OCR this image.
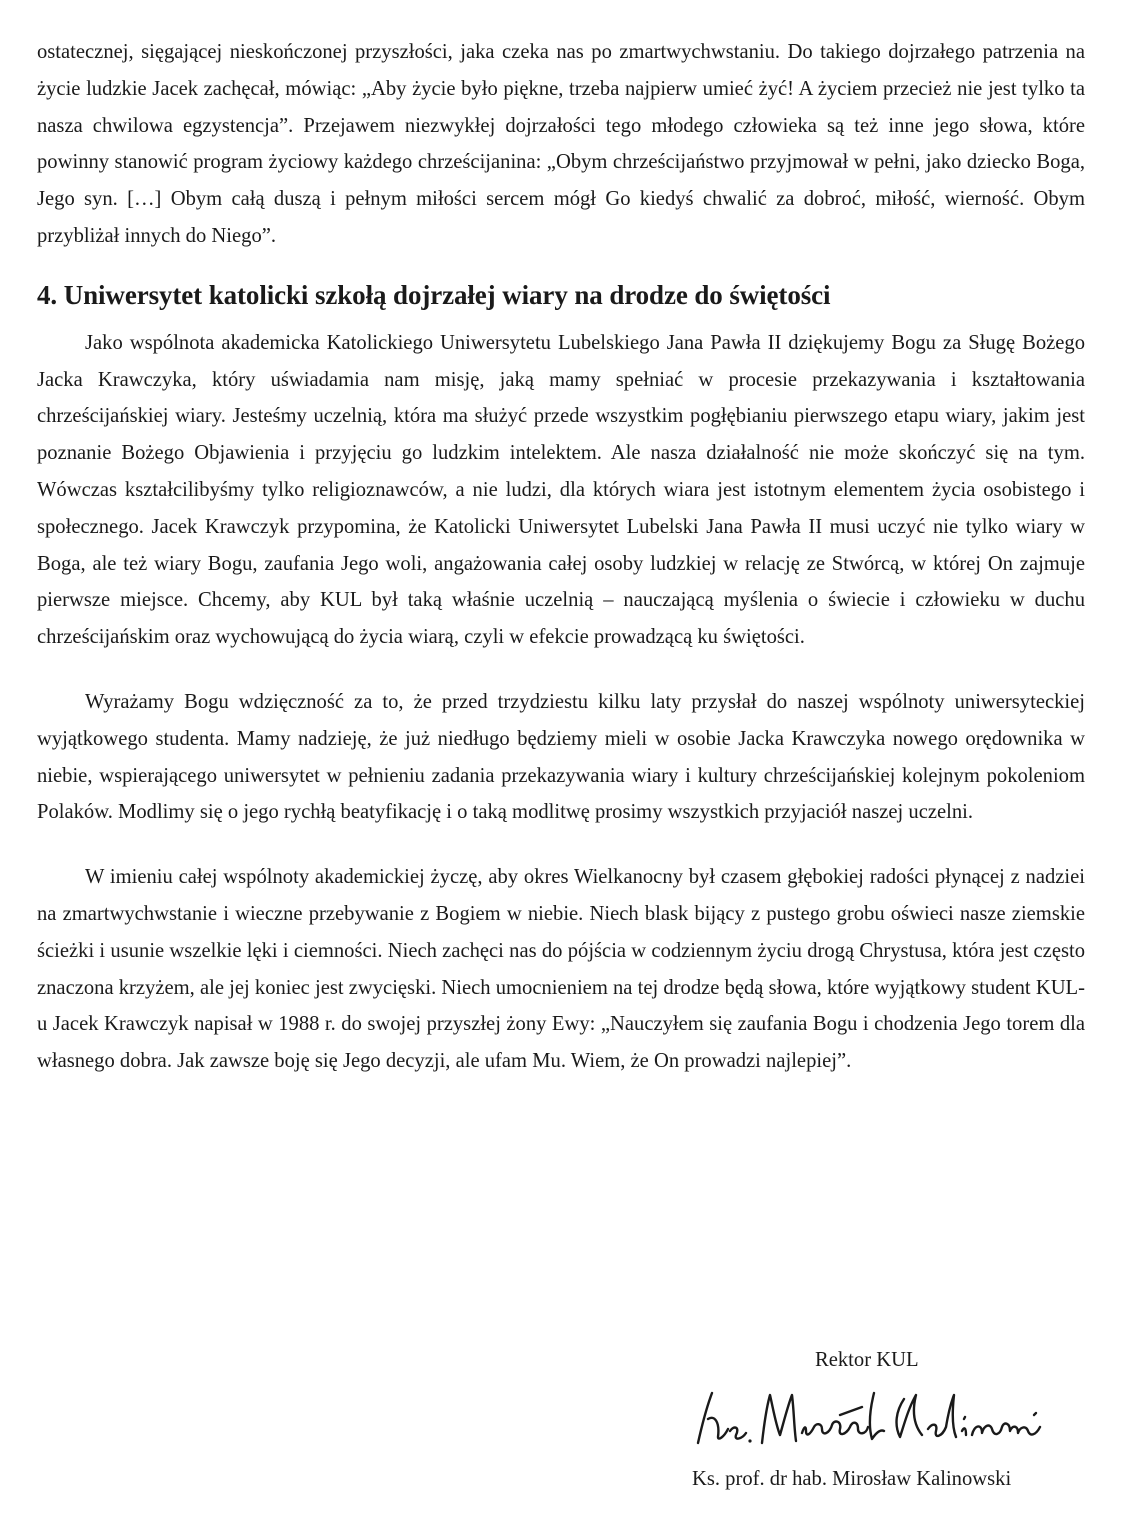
ostatecznej, sięgającej nieskończonej przyszłości, jaka czeka nas po zmartwychwstaniu. Do takiego dojrzałego patrzenia na życie ludzkie Jacek zachęcał, mówiąc: „Aby życie było piękne, trzeba najpierw umieć żyć! A życiem przecież nie jest tylko ta nasza chwilowa egzystencja”. Przejawem niezwykłej dojrzałości tego młodego człowieka są też inne jego słowa, które powinny stanowić program życiowy każdego chrześcijanina: „Obym chrześcijaństwo przyjmował w pełni, jako dziecko Boga, Jego syn. […] Obym całą duszą i pełnym miłości sercem mógł Go kiedyś chwalić za dobroć, miłość, wierność. Obym przybliżał innych do Niego”.

4. Uniwersytet katolicki szkołą dojrzałej wiary na drodze do świętości

Jako wspólnota akademicka Katolickiego Uniwersytetu Lubelskiego Jana Pawła II dziękujemy Bogu za Sługę Bożego Jacka Krawczyka, który uświadamia nam misję, jaką mamy spełniać w procesie przekazywania i kształtowania chrześcijańskiej wiary. Jesteśmy uczelnią, która ma służyć przede wszystkim pogłębianiu pierwszego etapu wiary, jakim jest poznanie Bożego Objawienia i przyjęciu go ludzkim intelektem. Ale nasza działalność nie może skończyć się na tym. Wówczas kształcilibyśmy tylko religioznawców, a nie ludzi, dla których wiara jest istotnym elementem życia osobistego i społecznego. Jacek Krawczyk przypomina, że Katolicki Uniwersytet Lubelski Jana Pawła II musi uczyć nie tylko wiary w Boga, ale też wiary Bogu, zaufania Jego woli, angażowania całej osoby ludzkiej w relację ze Stwórcą, w której On zajmuje pierwsze miejsce. Chcemy, aby KUL był taką właśnie uczelnią – nauczającą myślenia o świecie i człowieku w duchu chrześcijańskim oraz wychowującą do życia wiarą, czyli w efekcie prowadzącą ku świętości.

Wyrażamy Bogu wdzięczność za to, że przed trzydziestu kilku laty przysłał do naszej wspólnoty uniwersyteckiej wyjątkowego studenta. Mamy nadzieję, że już niedługo będziemy mieli w osobie Jacka Krawczyka nowego orędownika w niebie, wspierającego uniwersytet w pełnieniu zadania przekazywania wiary i kultury chrześcijańskiej kolejnym pokoleniom Polaków. Modlimy się o jego rychłą beatyfikację i o taką modlitwę prosimy wszystkich przyjaciół naszej uczelni.

W imieniu całej wspólnoty akademickiej życzę, aby okres Wielkanocny był czasem głębokiej radości płynącej z nadziei na zmartwychwstanie i wieczne przebywanie z Bogiem w niebie. Niech blask bijący z pustego grobu oświeci nasze ziemskie ścieżki i usunie wszelkie lęki i ciemności. Niech zachęci nas do pójścia w codziennym życiu drogą Chrystusa, która jest często znaczona krzyżem, ale jej koniec jest zwycięski. Niech umocnieniem na tej drodze będą słowa, które wyjątkowy student KUL-u Jacek Krawczyk napisał w 1988 r. do swojej przyszłej żony Ewy: „Nauczyłem się zaufania Bogu i chodzenia Jego torem dla własnego dobra. Jak zawsze boję się Jego decyzji, ale ufam Mu. Wiem, że On prowadzi najlepiej”.

Rektor KUL
Ks. prof. dr hab. Mirosław Kalinowski
